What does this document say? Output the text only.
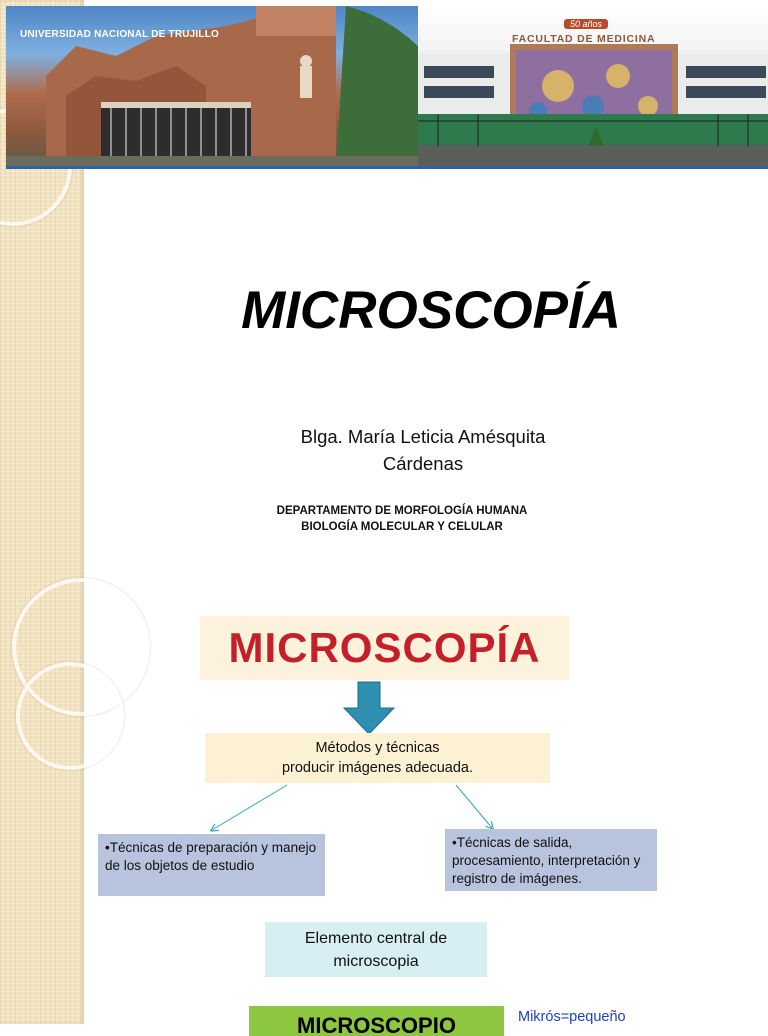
UNIVERSIDAD NACIONAL DE TRUJILLO
50 años
FACULTAD DE MEDICINA
MICROSCOPÍA
Blga. María Leticia Amésquita
Cárdenas
DEPARTAMENTO DE MORFOLOGÍA HUMANA
BIOLOGÍA MOLECULAR Y CELULAR
MICROSCOPÍA
Métodos y técnicas
producir imágenes adecuada.
•Técnicas de preparación y manejo de los objetos de estudio
•Técnicas de salida, procesamiento, interpretación y registro de imágenes.
Elemento central de microscopia
MICROSCOPIO	Mikrós=pequeño
